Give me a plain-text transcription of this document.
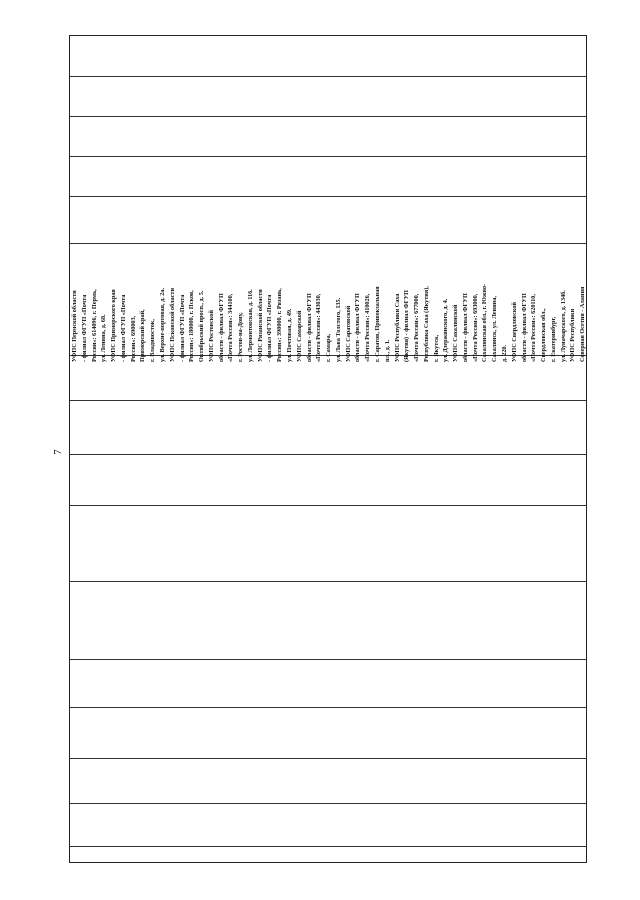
7
УФПС Пермской области - филиал ФГУП «Почта России»: 614096, г. Пермь, ул. Ленина, д. 68. УФПС Приморского края - филиал ФГУП «Почта России»: 690003, Приморский край, г. Владивосток, ул. Верхне-портовая, д. 2а. УФПС Псковской области - филиал ФГУП «Почта России»: 180000, г. Псков, Октябрьский просп., д. 5. УФПС Ростовской области - филиал ФГУП «Почта России»: 344100, г. Ростов-на-Дону, ул. Лермонтовская, д. 116. УФПС Рязанской области - филиал ФГУП «Почта России»: 390000, г. Рязань, ул. Почтовая, д. 49. УФПС Самарской области - филиал ФГУП «Почта России»: 443030, г. Самара, ул. Льва Толстого, 135. УФПС Саратовской области - филиал ФГУП «Почта России»: 410026, г. Саратов, Привокзальная пл., д. 1. УФПС Республики Саха (Якутия) - филиал ФГУП «Почта России»: 677000, Республика Саха (Якутия), г. Якутск, ул. Дзержинского, д. 4. УФПС Сахалинской области - филиал ФГУП «Почта России»: 693000, Сахалинская обл., г. Южно- Сахалинск, ул. Ленина, д. 220. УФПС Свердловской области - филиал ФГУП «Почта России»: 620110, Свердловская обл., г. Екатеринбург, ул. Луначарского, д. 134б. УФПС Республики Северная Осетия - Алания
